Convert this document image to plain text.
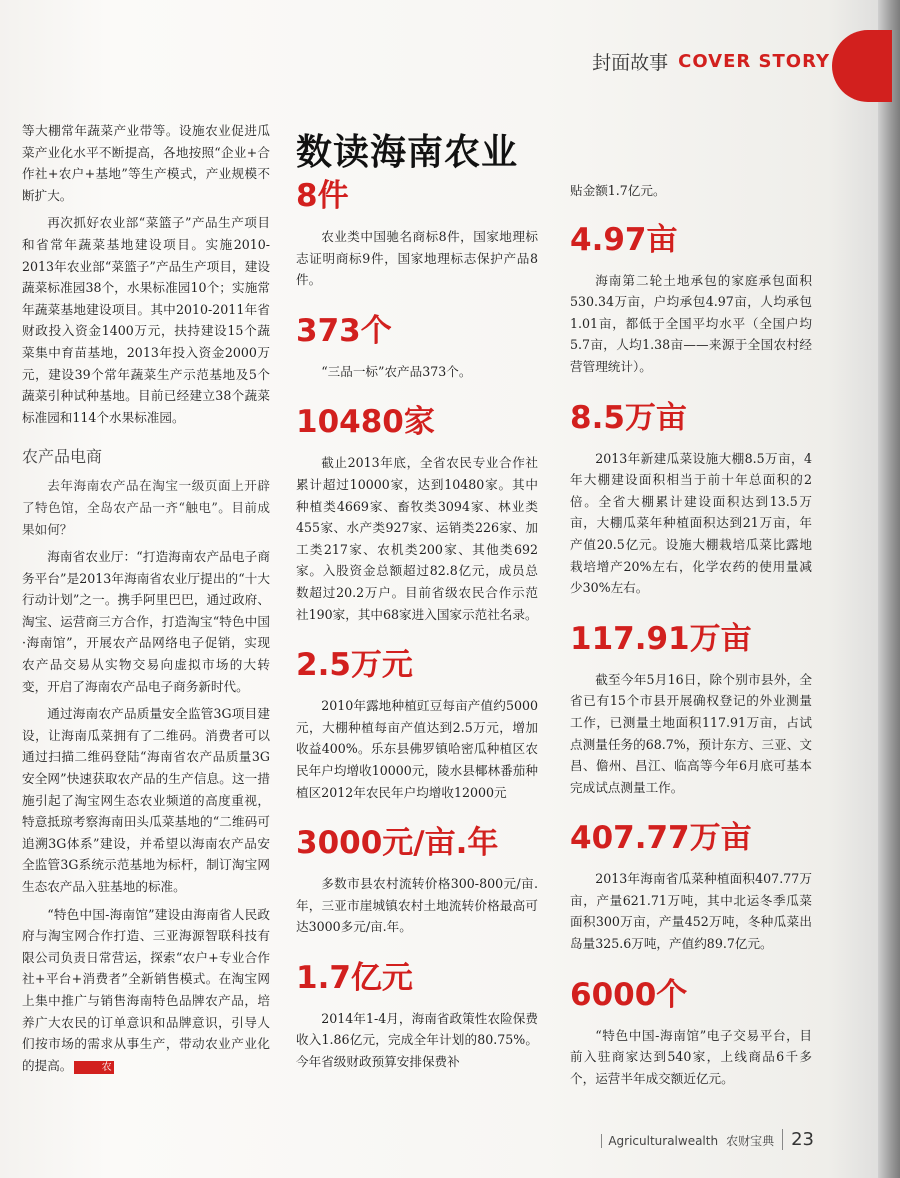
封面故事 COVER STORY

等大棚常年蔬菜产业带等。设施农业促进瓜菜产业化水平不断提高，各地按照“企业+合作社+农户+基地”等生产模式，产业规模不断扩大。

再次抓好农业部“菜篮子”产品生产项目和省常年蔬菜基地建设项目。实施2010-2013年农业部“菜篮子”产品生产项目，建设蔬菜标准园38个，水果标准园10个；实施常年蔬菜基地建设项目。其中2010-2011年省财政投入资金1400万元，扶持建设15个蔬菜集中育苗基地，2013年投入资金2000万元，建设39个常年蔬菜生产示范基地及5个蔬菜引种试种基地。目前已经建立38个蔬菜标准园和114个水果标准园。

农产品电商

去年海南农产品在淘宝一级页面上开辟了特色馆，全岛农产品一齐“触电”。目前成果如何？

海南省农业厅：“打造海南农产品电子商务平台”是2013年海南省农业厅提出的“十大行动计划”之一。携手阿里巴巴，通过政府、淘宝、运营商三方合作，打造淘宝“特色中国·海南馆”，开展农产品网络电子促销，实现农产品交易从实物交易向虚拟市场的大转变，开启了海南农产品电子商务新时代。

通过海南农产品质量安全监管3G项目建设，让海南瓜菜拥有了二维码。消费者可以通过扫描二维码登陆“海南省农产品质量3G安全网”快速获取农产品的生产信息。这一措施引起了淘宝网生态农业频道的高度重视，特意抵琼考察海南田头瓜菜基地的“二维码可追溯3G体系”建设，并希望以海南农产品安全监管3G系统示范基地为标杆，制订淘宝网生态农产品入驻基地的标准。

“特色中国-海南馆”建设由海南省人民政府与淘宝网合作打造、三亚海源智联科技有限公司负责日常营运，探索“农户+专业合作社+平台+消费者”全新销售模式。在淘宝网上集中推广与销售海南特色品牌农产品，培养广大农民的订单意识和品牌意识，引导人们按市场的需求从事生产，带动农业产业化的提高。	农

数读海南农业
8件

农业类中国驰名商标8件，国家地理标志证明商标9件，国家地理标志保护产品8件。

373个

“三品一标”农产品373个。

10480家

截止2013年底，全省农民专业合作社累计超过10000家，达到10480家。其中种植类4669家、畜牧类3094家、林业类455家、水产类927家、运销类226家、加工类217家、农机类200家、其他类692家。入股资金总额超过82.8亿元，成员总数超过20.2万户。目前省级农民合作示范社190家，其中68家进入国家示范社名录。

2.5万元

2010年露地种植豇豆每亩产值约5000元，大棚种植每亩产值达到2.5万元，增加收益400%。乐东县佛罗镇哈密瓜种植区农民年户均增收10000元，陵水县椰林番茄种植区2012年农民年户均增收12000元

3000元/亩.年

多数市县农村流转价格300-800元/亩.年，三亚市崖城镇农村土地流转价格最高可达3000多元/亩.年。

1.7亿元

2014年1-4月，海南省政策性农险保费收入1.86亿元，完成全年计划的80.75%。今年省级财政预算安排保费补

贴金额1.7亿元。

4.97亩

海南第二轮土地承包的家庭承包面积530.34万亩，户均承包4.97亩，人均承包1.01亩，都低于全国平均水平（全国户均5.7亩，人均1.38亩——来源于全国农村经营管理统计）。

8.5万亩

2013年新建瓜菜设施大棚8.5万亩，4年大棚建设面积相当于前十年总面积的2倍。全省大棚累计建设面积达到13.5万亩，大棚瓜菜年种植面积达到21万亩，年产值20.5亿元。设施大棚栽培瓜菜比露地栽培增产20%左右，化学农药的使用量减少30%左右。

117.91万亩

截至今年5月16日，除个别市县外，全省已有15个市县开展确权登记的外业测量工作，已测量土地面积117.91万亩，占试点测量任务的68.7%，预计东方、三亚、文昌、儋州、昌江、临高等今年6月底可基本完成试点测量工作。

407.77万亩

2013年海南省瓜菜种植面积407.77万亩，产量621.71万吨，其中北运冬季瓜菜面积300万亩，产量452万吨，冬种瓜菜出岛量325.6万吨，产值约89.7亿元。

6000个

“特色中国-海南馆”电子交易平台，目前入驻商家达到540家，上线商品6千多个，运营半年成交额近亿元。

Agriculturalwealth 农财宝典 23
